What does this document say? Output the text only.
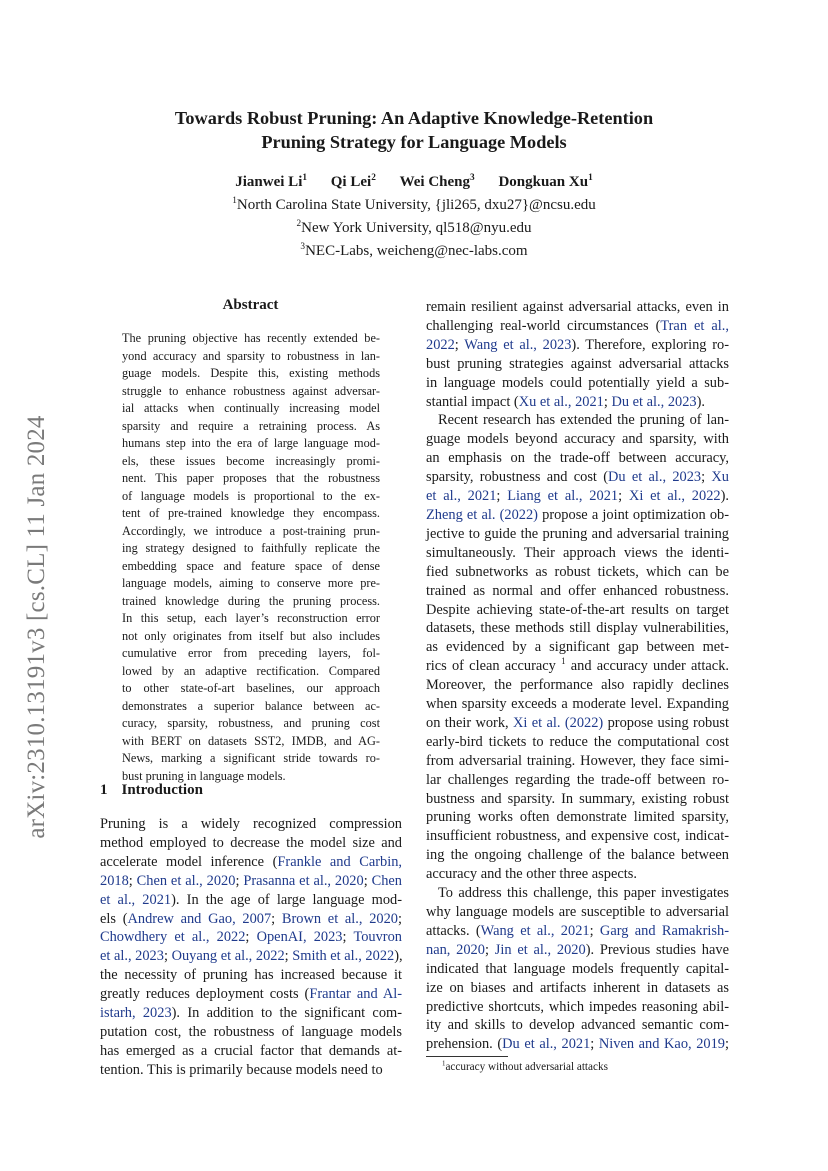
arXiv:2310.13191v3 [cs.CL] 11 Jan 2024
Towards Robust Pruning: An Adaptive Knowledge-Retention
Pruning Strategy for Language Models
Jianwei Li$^1$ Qi Lei$^2$ Wei Cheng$^3$ Dongkuan Xu$^1$
$^1$North Carolina State University, {jli265, dxu27}@ncsu.edu
$^2$New York University, ql518@nyu.edu
$^3$NEC-Labs, weicheng@nec-labs.com
Abstract
The pruning objective has recently extended be-
yond accuracy and sparsity to robustness in lan-
guage models. Despite this, existing methods
struggle to enhance robustness against adversar-
ial attacks when continually increasing model
sparsity and require a retraining process. As
humans step into the era of large language mod-
els, these issues become increasingly promi-
nent. This paper proposes that the robustness
of language models is proportional to the ex-
tent of pre-trained knowledge they encompass.
Accordingly, we introduce a post-training prun-
ing strategy designed to faithfully replicate the
embedding space and feature space of dense
language models, aiming to conserve more pre-
trained knowledge during the pruning process.
In this setup, each layer’s reconstruction error
not only originates from itself but also includes
cumulative error from preceding layers, fol-
lowed by an adaptive rectification. Compared
to other state-of-art baselines, our approach
demonstrates a superior balance between ac-
curacy, sparsity, robustness, and pruning cost
with BERT on datasets SST2, IMDB, and AG-
News, marking a significant stride towards ro-
bust pruning in language models.
1 Introduction
Pruning is a widely recognized compression
method employed to decrease the model size and
accelerate model inference (Frankle and Carbin,
2018; Chen et al., 2020; Prasanna et al., 2020; Chen
et al., 2021). In the age of large language mod-
els (Andrew and Gao, 2007; Brown et al., 2020;
Chowdhery et al., 2022; OpenAI, 2023; Touvron
et al., 2023; Ouyang et al., 2022; Smith et al., 2022),
the necessity of pruning has increased because it
greatly reduces deployment costs (Frantar and Al-
istarh, 2023). In addition to the significant com-
putation cost, the robustness of language models
has emerged as a crucial factor that demands at-
tention. This is primarily because models need to
remain resilient against adversarial attacks, even in
challenging real-world circumstances (Tran et al.,
2022; Wang et al., 2023). Therefore, exploring ro-
bust pruning strategies against adversarial attacks
in language models could potentially yield a sub-
stantial impact (Xu et al., 2021; Du et al., 2023).
Recent research has extended the pruning of lan-
guage models beyond accuracy and sparsity, with
an emphasis on the trade-off between accuracy,
sparsity, robustness and cost (Du et al., 2023; Xu
et al., 2021; Liang et al., 2021; Xi et al., 2022).
Zheng et al. (2022) propose a joint optimization ob-
jective to guide the pruning and adversarial training
simultaneously. Their approach views the identi-
fied subnetworks as robust tickets, which can be
trained as normal and offer enhanced robustness.
Despite achieving state-of-the-art results on target
datasets, these methods still display vulnerabilities,
as evidenced by a significant gap between met-
rics of clean accuracy $^1$ and accuracy under attack.
Moreover, the performance also rapidly declines
when sparsity exceeds a moderate level. Expanding
on their work, Xi et al. (2022) propose using robust
early-bird tickets to reduce the computational cost
from adversarial training. However, they face simi-
lar challenges regarding the trade-off between ro-
bustness and sparsity. In summary, existing robust
pruning works often demonstrate limited sparsity,
insufficient robustness, and expensive cost, indicat-
ing the ongoing challenge of the balance between
accuracy and the other three aspects.
To address this challenge, this paper investigates
why language models are susceptible to adversarial
attacks. (Wang et al., 2021; Garg and Ramakrish-
nan, 2020; Jin et al., 2020). Previous studies have
indicated that language models frequently capital-
ize on biases and artifacts inherent in datasets as
predictive shortcuts, which impedes reasoning abil-
ity and skills to develop advanced semantic com-
prehension. (Du et al., 2021; Niven and Kao, 2019;
$^1$accuracy without adversarial attacks
